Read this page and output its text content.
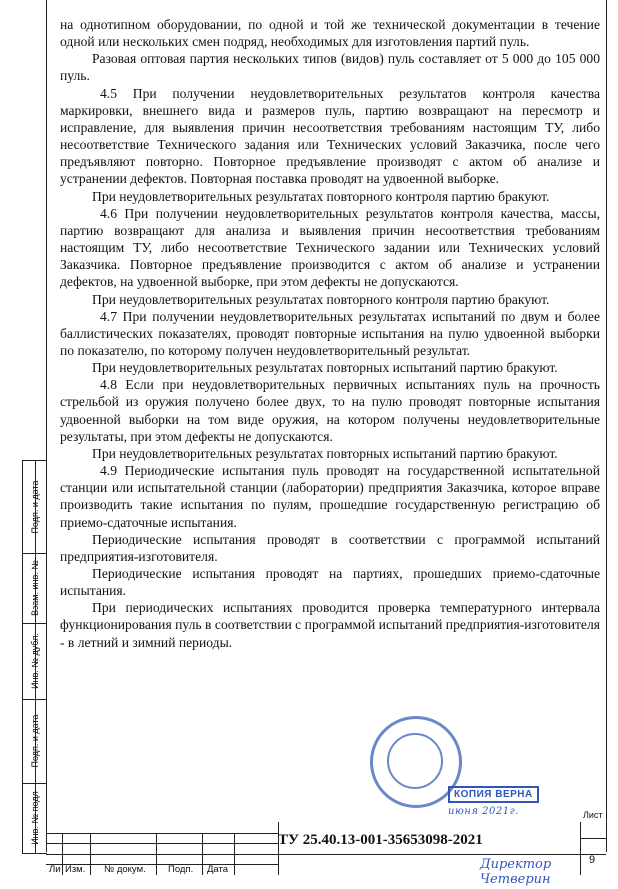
на однотипном оборудовании, по одной и той же технической документации в течение одной или нескольких смен подряд, необходимых для изготовления партий пуль.

Разовая оптовая партия нескольких типов (видов) пуль составляет от 5 000 до 105 000 пуль.

4.5 При получении неудовлетворительных результатов контроля качества маркировки, внешнего вида и размеров пуль, партию возвращают на пересмотр и исправление, для выявления причин несоответствия требованиям настоящим ТУ, либо несоответствие Технического задания или Технических условий Заказчика, после чего предъявляют повторно. Повторное предъявление производят с актом об анализе и устранении дефектов. Повторная поставка проводят на удвоенной выборке.

При неудовлетворительных результатах повторного контроля партию бракуют.

4.6 При получении неудовлетворительных результатов контроля качества, массы, партию возвращают для анализа и выявления причин несоответствия требованиям настоящим ТУ, либо несоответствие Технического задании или Технических условий Заказчика. Повторное предъявление производится с актом об анализе и устранении дефектов, на удвоенной выборке, при этом дефекты не допускаются.

При неудовлетворительных результатах повторного контроля партию бракуют.

4.7 При получении неудовлетворительных результатах испытаний по двум и более баллистических показателях, проводят повторные испытания на пулю удвоенной выборки по показателю, по которому получен неудовлетворительный результат.

При неудовлетворительных результатах повторных испытаний партию бракуют.

4.8 Если при неудовлетворительных первичных испытаниях пуль на прочность стрельбой из оружия получено более двух, то на пулю проводят повторные испытания удвоенной выборки на том виде оружия, на котором получены неудовлетворительные результаты, при этом дефекты не допускаются.

При неудовлетворительных результатах повторных испытаний партию бракуют.

4.9 Периодические испытания пуль проводят на государственной испытательной станции или испытательной станции (лаборатории) предприятия Заказчика, которое вправе производить такие испытания по пулям, прошедшие государственную регистрацию об приемо-сдаточные испытания.

Периодические испытания проводят в соответствии с программой испытаний предприятия-изготовителя.

Периодические испытания проводят на партиях, прошедших приемо-сдаточные испытания.

При периодических испытаниях проводится проверка температурного интервала функционирования пуль в соответствии с программой испытаний предприятия-изготовителя - в летний и зимний периоды.

Подп. и дата
Взам. инв. №
Инв. № дубл.
Подп. и дата
Инв. № подл	КОПИЯ ВЕРНА
июня 2021г.
Ли Изм. № докум. Подп. Дата
ТУ 25.40.13-001-35653098-2021
Лист
9
Директор Четверин
